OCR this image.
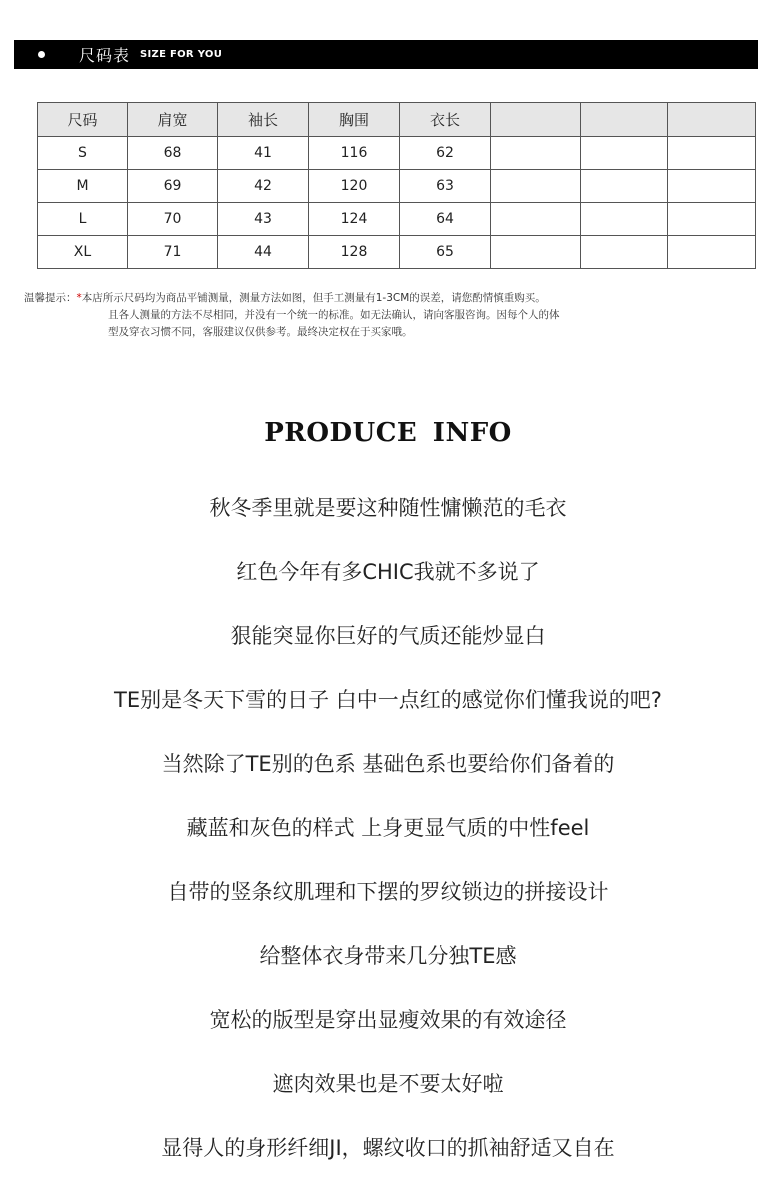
尺码表 SIZE FOR YOU
尺码	肩宽	袖长	胸围	衣长			
S	68	41	116	62			
M	69	42	120	63			
L	70	43	124	64			
XL	71	44	128	65			
温馨提示：*本店所示尺码均为商品平铺测量，测量方法如图，但手工测量有1-3CM的误差，请您酌情慎重购买。
且各人测量的方法不尽相同，并没有一个统一的标准。如无法确认，请向客服咨询。因每个人的体
型及穿衣习惯不同，客服建议仅供参考。最终决定权在于买家哦。
PRODUCE INFO
秋冬季里就是要这种随性慵懒范的毛衣
红色今年有多CHIC我就不多说了
狠能突显你巨好的气质还能炒显白
TE别是冬天下雪的日子 白中一点红的感觉你们懂我说的吧?
当然除了TE别的色系 基础色系也要给你们备着的
藏蓝和灰色的样式 上身更显气质的中性feel
自带的竖条纹肌理和下摆的罗纹锁边的拼接设计
给整体衣身带来几分独TE感
宽松的版型是穿出显瘦效果的有效途径
遮肉效果也是不要太好啦
显得人的身形纤细JI，螺纹收口的抓袖舒适又自在
